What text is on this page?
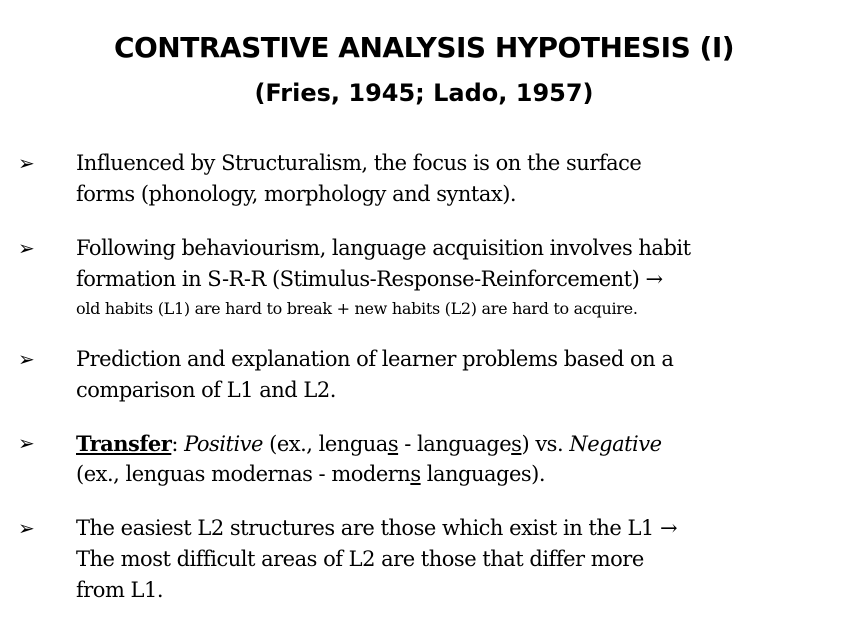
CONTRASTIVE ANALYSIS HYPOTHESIS (I)
(Fries, 1945; Lado, 1957)
➢ Influenced by Structuralism, the focus is on the surface
forms (phonology, morphology and syntax).
➢ Following behaviourism, language acquisition involves habit
formation in S-R-R (Stimulus-Response-Reinforcement) →
old habits (L1) are hard to break + new habits (L2) are hard to acquire.
➢ Prediction and explanation of learner problems based on a
comparison of L1 and L2.
➢ Transfer: Positive (ex., lenguas - languages) vs. Negative
(ex., lenguas modernas - moderns languages).
➢ The easiest L2 structures are those which exist in the L1 →
The most difficult areas of L2 are those that differ more
from L1.
